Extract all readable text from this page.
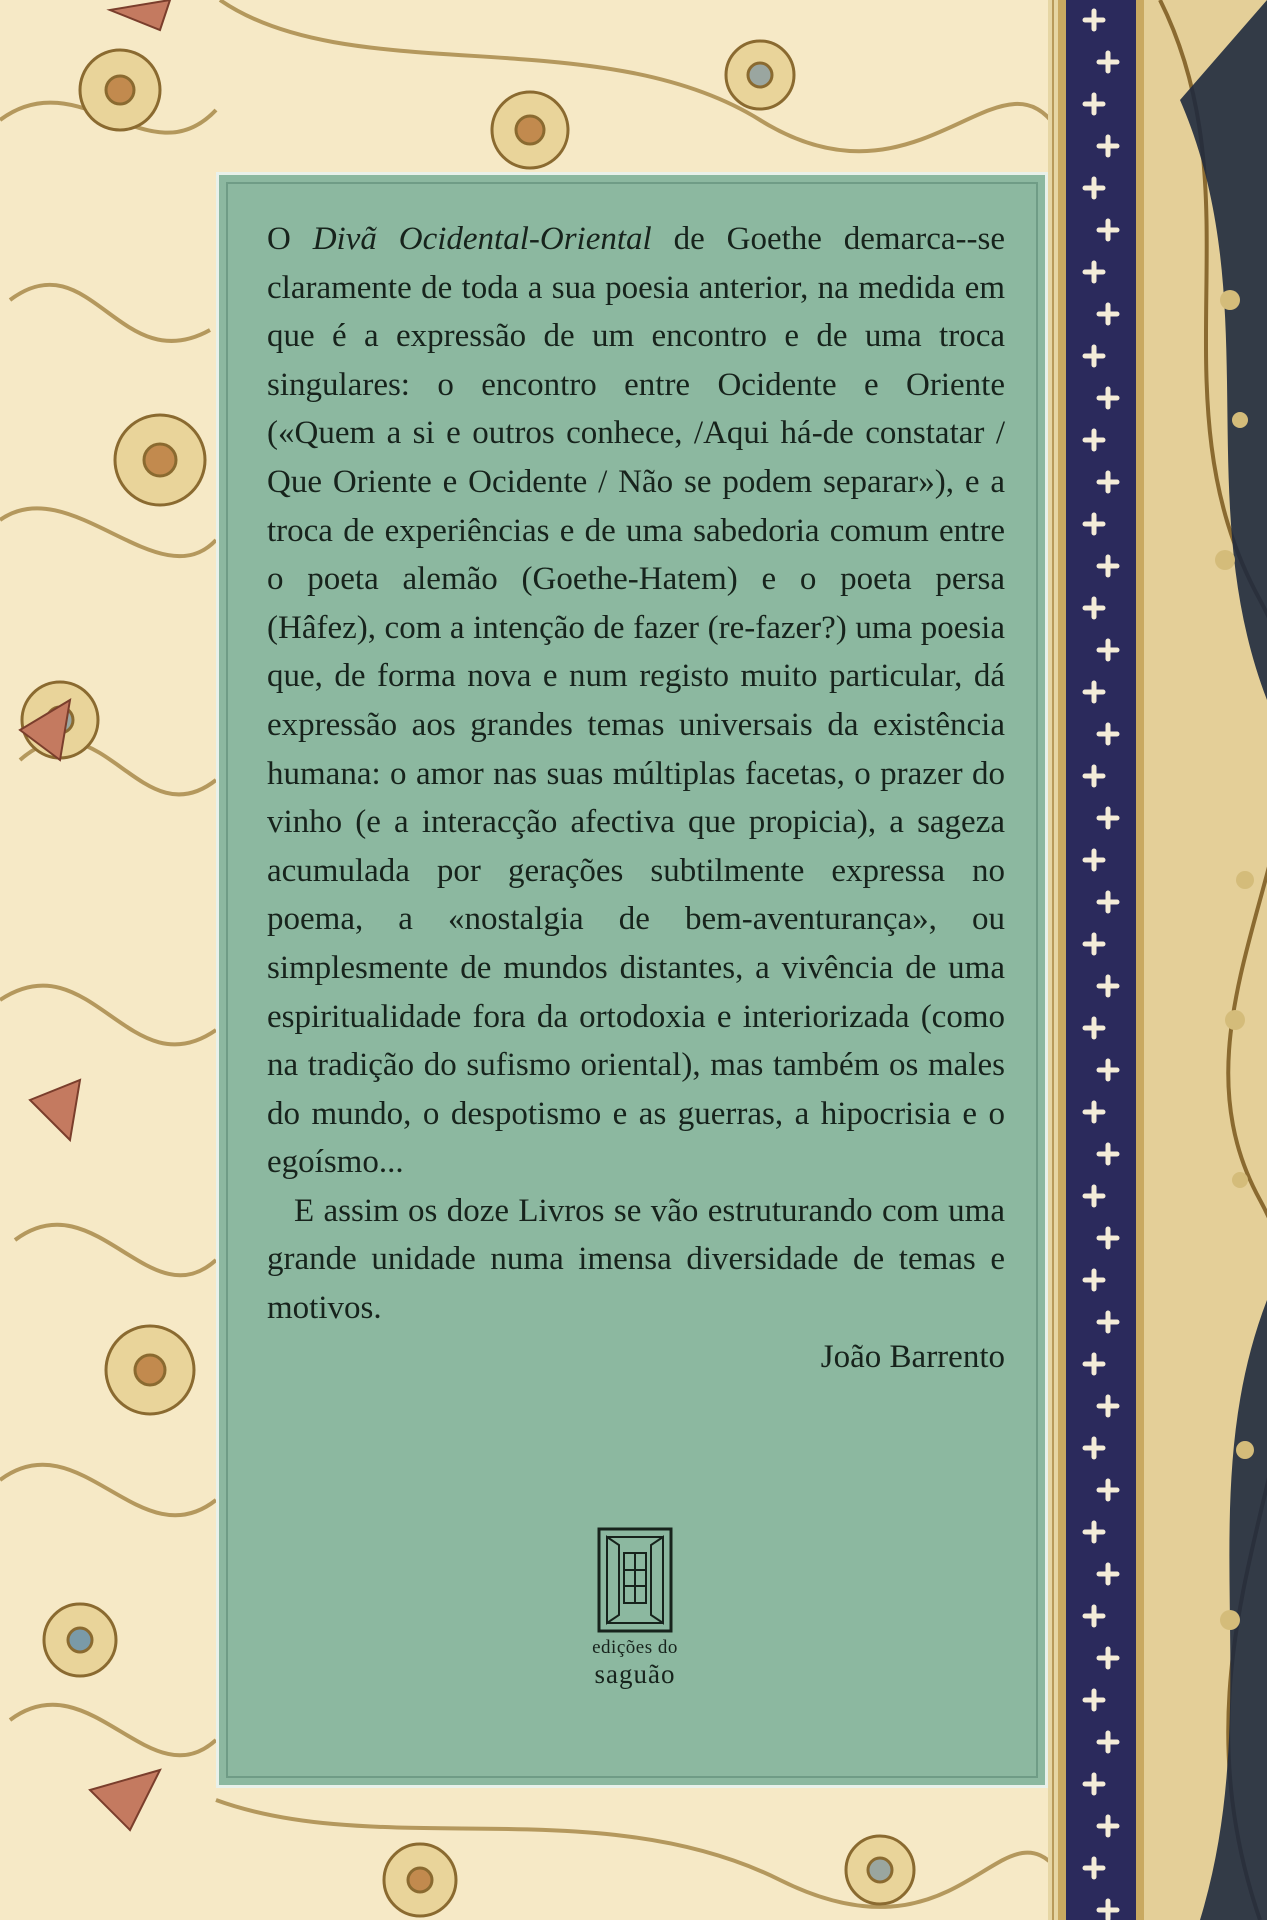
O Divã Ocidental-Oriental de Goethe demarca--se claramente de toda a sua poesia anterior, na medida em que é a expressão de um encontro e de uma troca singulares: o encontro entre Ocidente e Oriente («Quem a si e outros conhece, /Aqui há-de constatar / Que Oriente e Ocidente / Não se podem separar»), e a troca de experiências e de uma sabedoria comum entre o poeta alemão (Goethe-Hatem) e o poeta persa (Hâfez), com a intenção de fazer (re-fazer?) uma poesia que, de forma nova e num registo muito particular, dá expressão aos grandes temas universais da existência humana: o amor nas suas múltiplas facetas, o prazer do vinho (e a interacção afectiva que propicia), a sageza acumulada por gerações subtilmente expressa no poema, a «nostalgia de bem-aventurança», ou simplesmente de mundos distantes, a vivência de uma espiritualidade fora da ortodoxia e interiorizada (como na tradição do sufismo oriental), mas também os males do mundo, o despotismo e as guerras, a hipocrisia e o egoísmo...

E assim os doze Livros se vão estruturando com uma grande unidade numa imensa diversidade de temas e motivos.

João Barrento
edições do
saguão
